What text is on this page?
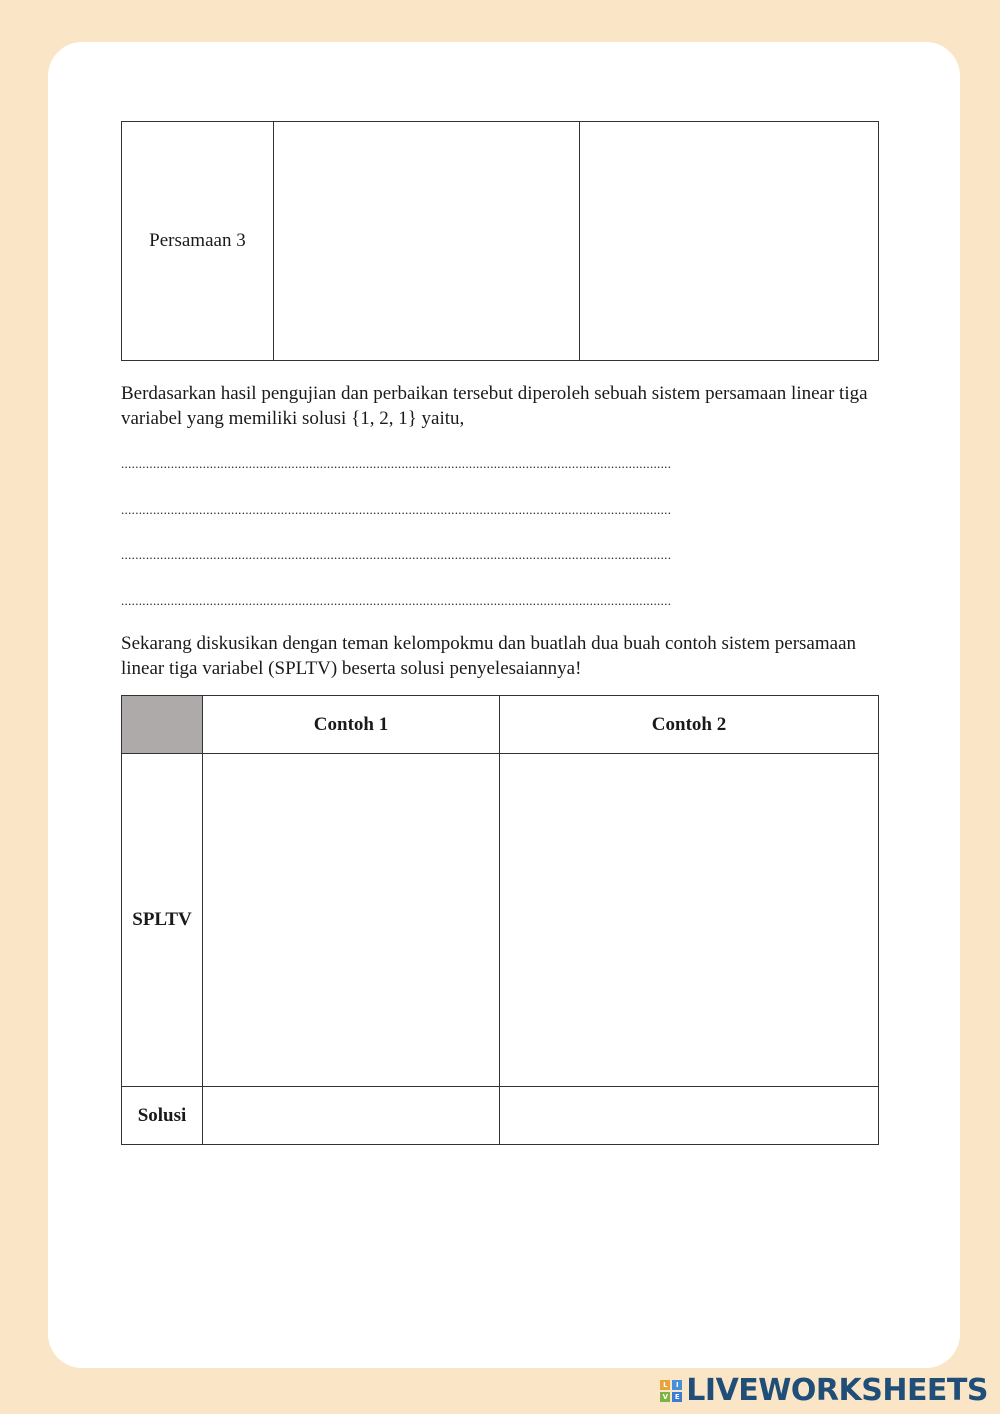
Persamaan 3		

Berdasarkan hasil pengujian dan perbaikan tersebut diperoleh sebuah sistem persamaan linear tiga variabel yang memiliki solusi {1, 2, 1} yaitu,

...........................................................................................................................................................
...........................................................................................................................................................
...........................................................................................................................................................
...........................................................................................................................................................

Sekarang diskusikan dengan teman kelompokmu dan buatlah dua buah contoh sistem persamaan linear tiga variabel (SPLTV) beserta solusi penyelesaiannya!

	Contoh 1	Contoh 2
SPLTV		
Solusi		
L	I
V E LIVEWORKSHEETS
